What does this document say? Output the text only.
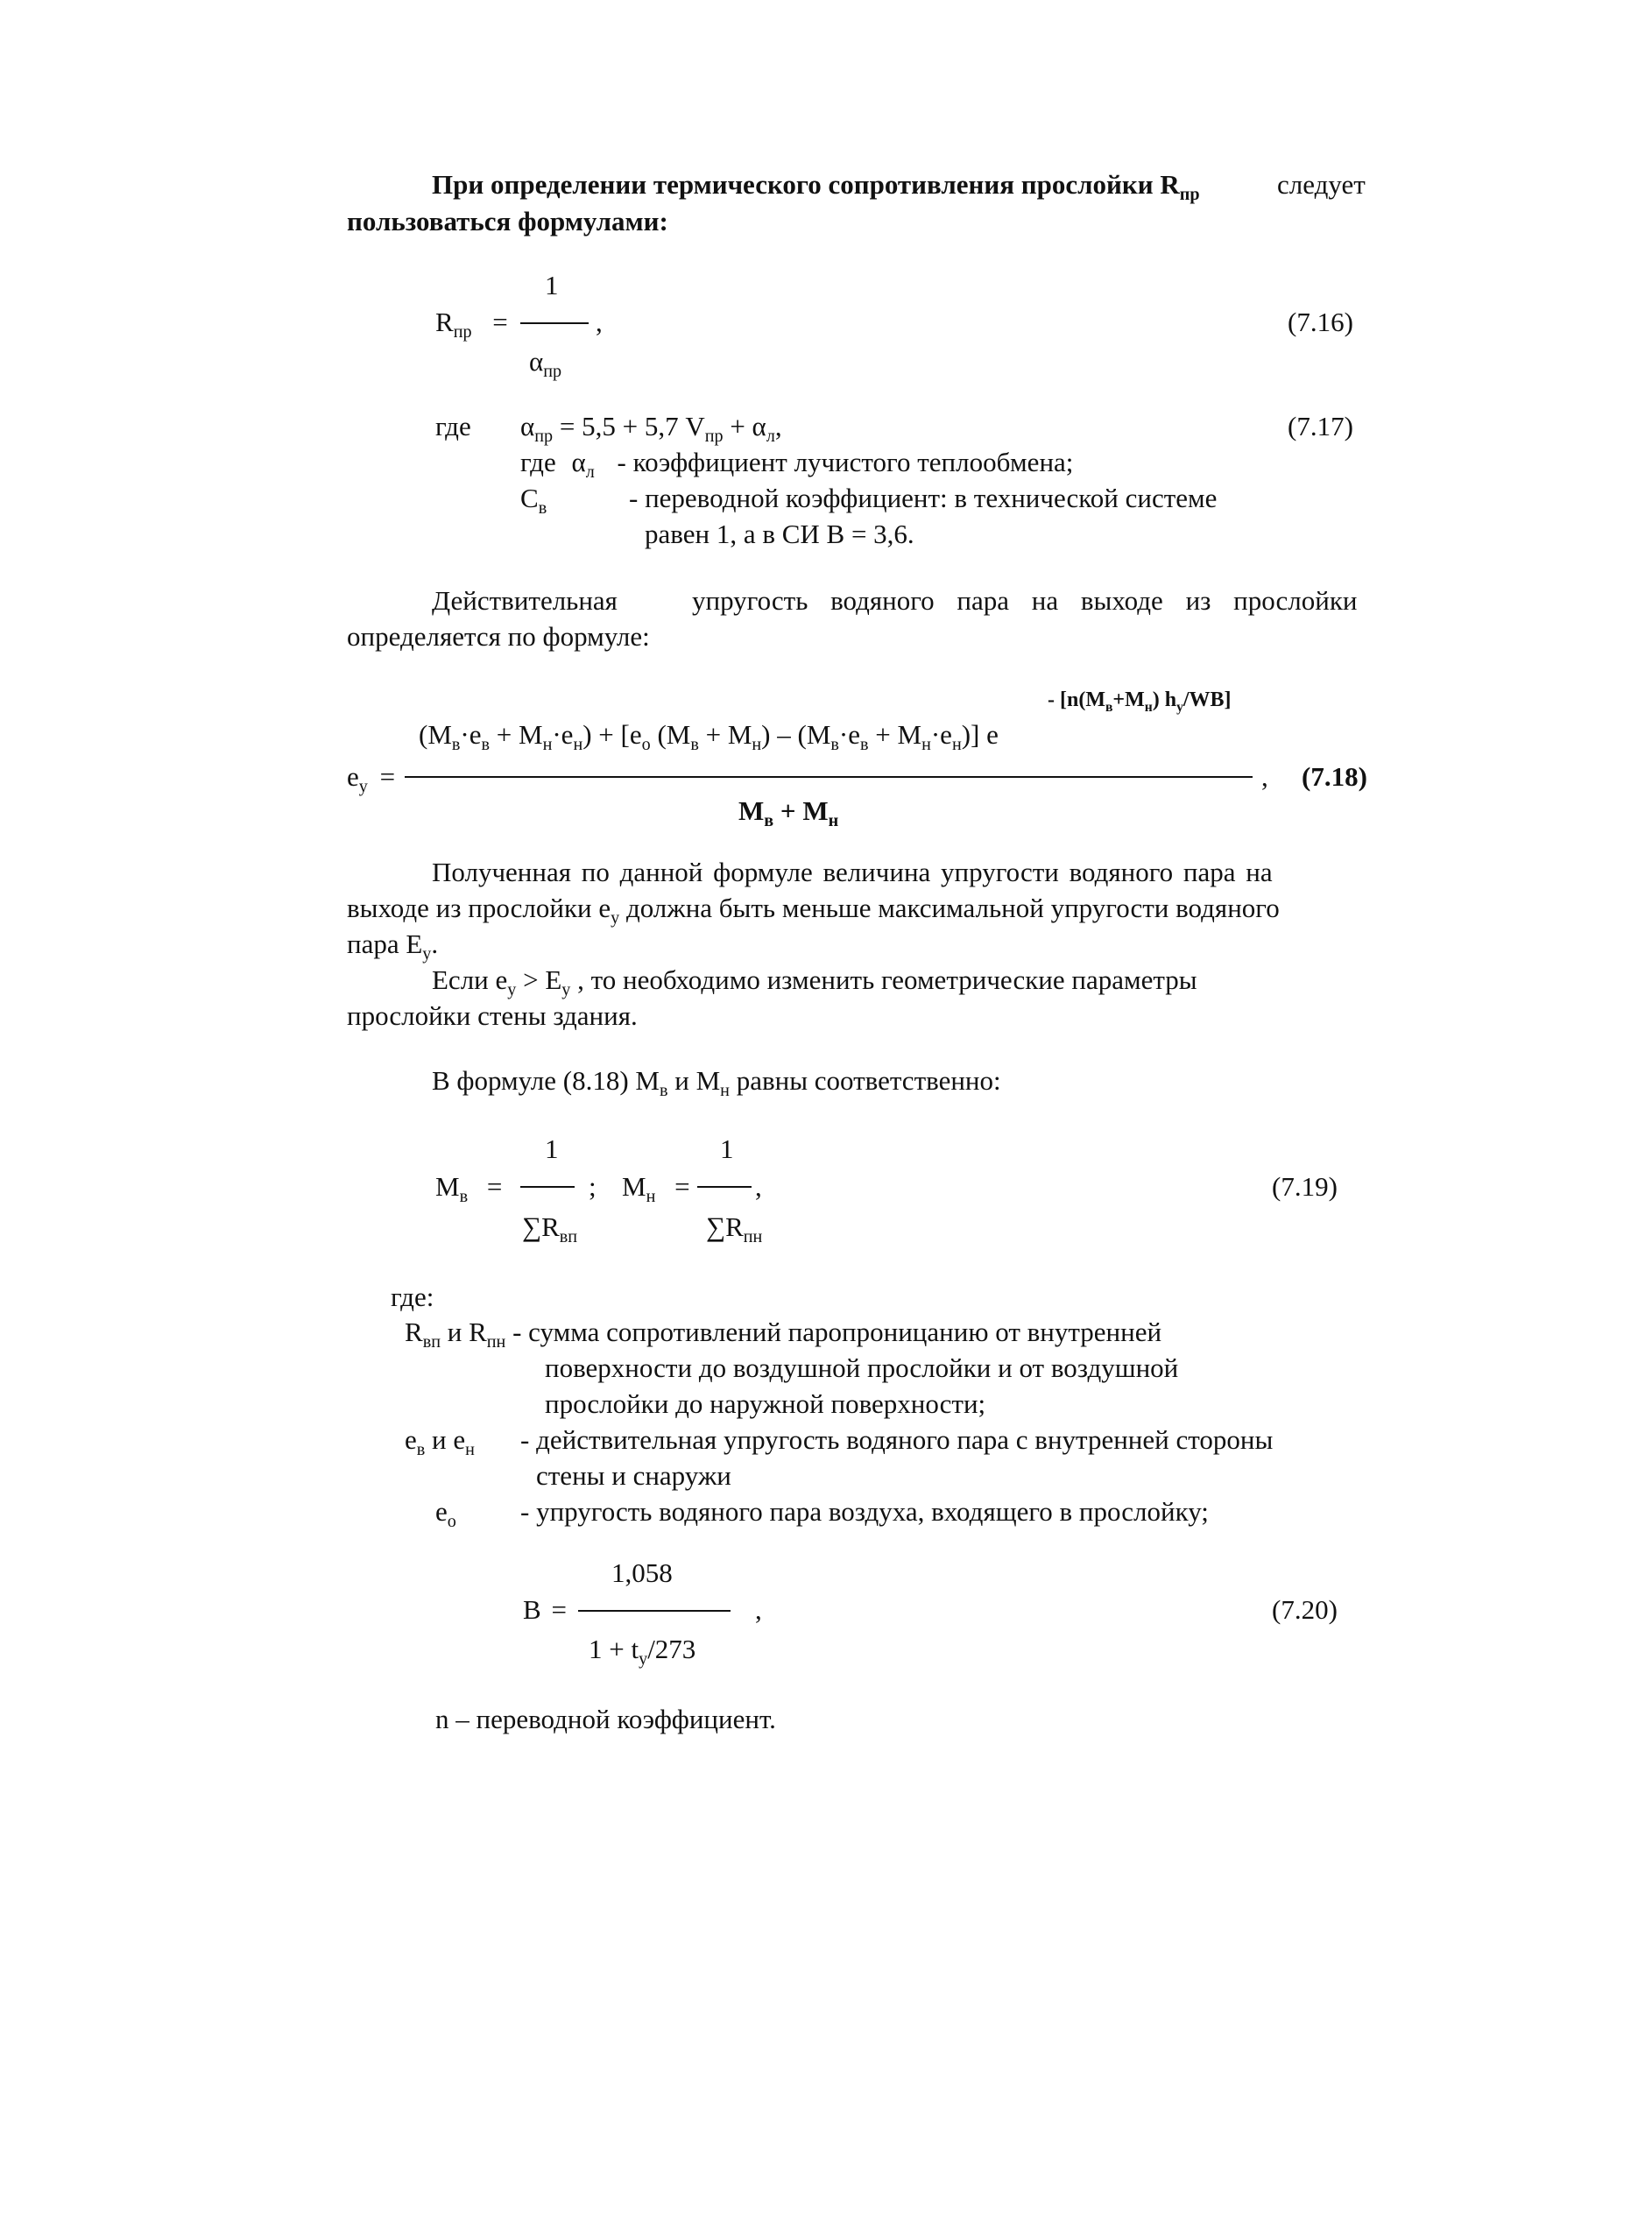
При определении термического сопротивления прослойки $R_{пр}$	следует
пользоваться формулами:
1
$R_{пр}$ =	,
$\alpha_{пр}$
(7.16)
где $\alpha_{пр} = 5,5 + 5,7$ $V_{пр} + \alpha_л$,	(7.17)
где $\alpha_л$ - коэффициент лучистого теплообмена;
$C_в$	- переводной коэффициент: в технической системе
равен 1, а в СИ В = 3,6.
Действительная	упругость водяного пара на выходе из прослойки
определяется по формуле:
- [$n(M_в+M_н)$ $h_у/WB$]
$(M_в\cdot e_в + M_н\cdot e_н) + [e_о$ $(M_в + M_н) - (M_в\cdot e_в + M_н\cdot e_н)$] e
$e_у$ =	, (7.18)
$M_в + M_н$
Полученная по данной формуле величина упругости водяного пара на
выходе из прослойки $e_у$ должна быть меньше максимальной упругости водяного
пара $E_у$.
Если $e_у > E_у$ , то необходимо изменить геометрические параметры
прослойки стены здания.
В формуле (8.18) $M_в$ и $M_н$ равны соответственно:
1	1
$M_в$ =	; $M_н$ = ,
$\sum R_{вп}$	$\sum R_{пн}$
(7.19)
где:
$R_{вп}$ и $R_{пн}$ - сумма сопротивлений паропроницанию от внутренней
поверхности до воздушной прослойки и от воздушной
прослойки до наружной поверхности;
$e_в$ и $e_н$ - действительная упругость водяного пара с внутренней стороны
стены и снаружи
$e_о$ - упругость водяного пара воздуха, входящего в прослойку;
1,058
B =	,
$1 + t_у/273$
(7.20)
n – переводной коэффициент.
